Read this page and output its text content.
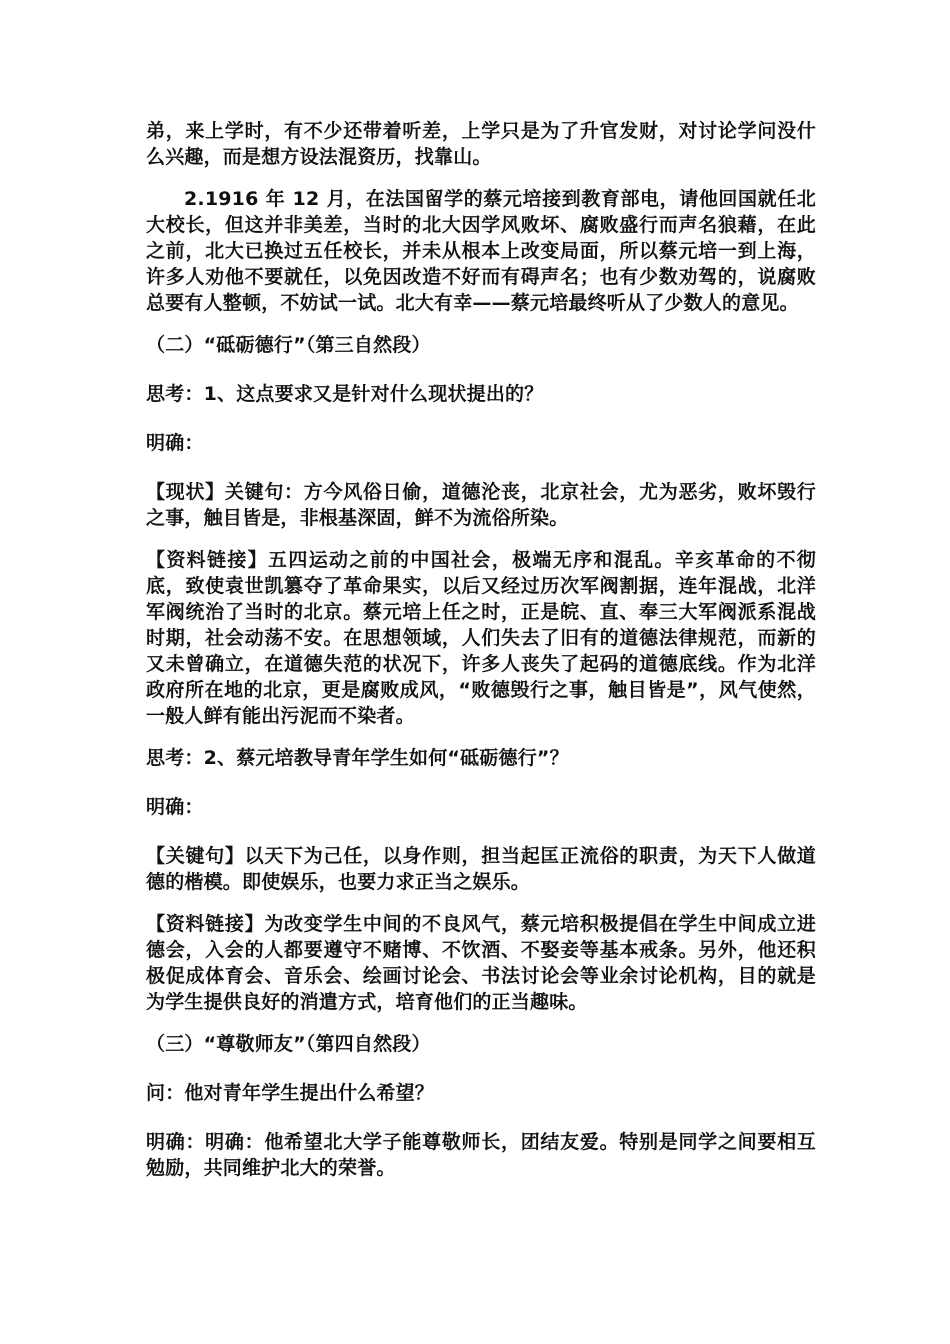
弟，来上学时，有不少还带着听差，上学只是为了升官发财，对讨论学问没什么兴趣，而是想方设法混资历，找靠山。

2.1916 年 12 月，在法国留学的蔡元培接到教育部电，请他回国就任北大校长，但这并非美差，当时的北大因学风败坏、腐败盛行而声名狼藉，在此之前，北大已换过五任校长，并未从根本上改变局面，所以蔡元培一到上海，许多人劝他不要就任，以免因改造不好而有碍声名；也有少数劝驾的，说腐败总要有人整顿，不妨试一试。北大有幸——蔡元培最终听从了少数人的意见。

（二）“砥砺德行”（第三自然段）

思考：1、这点要求又是针对什么现状提出的？

明确：

【现状】关键句：方今风俗日偷，道德沦丧，北京社会，尤为恶劣，败坏毁行之事，触目皆是，非根基深固，鲜不为流俗所染。

【资料链接】五四运动之前的中国社会，极端无序和混乱。辛亥革命的不彻底，致使袁世凯篡夺了革命果实，以后又经过历次军阀割据，连年混战，北洋军阀统治了当时的北京。蔡元培上任之时，正是皖、直、奉三大军阀派系混战时期，社会动荡不安。在思想领域，人们失去了旧有的道德法律规范，而新的又未曾确立，在道德失范的状况下，许多人丧失了起码的道德底线。作为北洋政府所在地的北京，更是腐败成风，“败德毁行之事，触目皆是”，风气使然，一般人鲜有能出污泥而不染者。

思考：2、蔡元培教导青年学生如何“砥砺德行”？

明确：

【关键句】以天下为己任，以身作则，担当起匡正流俗的职责，为天下人做道德的楷模。即使娱乐，也要力求正当之娱乐。

【资料链接】为改变学生中间的不良风气，蔡元培积极提倡在学生中间成立进德会，入会的人都要遵守不赌博、不饮酒、不娶妾等基本戒条。另外，他还积极促成体育会、音乐会、绘画讨论会、书法讨论会等业余讨论机构，目的就是为学生提供良好的消遣方式，培育他们的正当趣味。

（三）“尊敬师友”（第四自然段）

问：他对青年学生提出什么希望？

明确：明确：他希望北大学子能尊敬师长，团结友爱。特别是同学之间要相互勉励，共同维护北大的荣誉。
